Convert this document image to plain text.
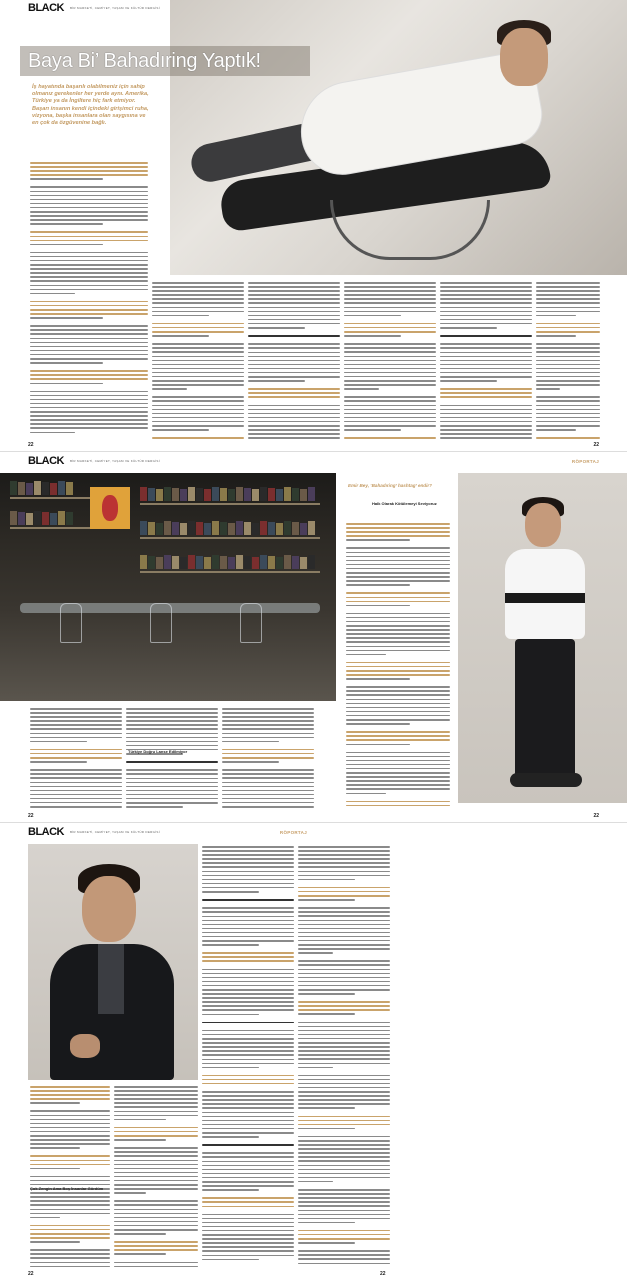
BLACK BİR MARKETİ, CEMİYET, YAŞAM VE KÜLTÜR DERGİSİ
Baya Bi’ Bahadıring Yaptık!
İş hayatında başarılı olabilmeniz için sahip olmanız gerekenler her yerde aynı. Amerika, Türkiye ya da İngiltere hiç fark etmiyor. Başarı insanın kendi içindeki girişimci ruha, vizyona, başka insanlara olan saygısına ve en çok da özgüvenine bağlı.
22	22
BLACK BİR MARKETİ, CEMİYET, YAŞAM VE KÜLTÜR DERGİSİ	RÖPORTAJ
Emir Bey, ‘Bahadıring’ hashtag’ endir?
Türkiye Doğru Lanse Edilmiyor
Halk Olarak Kötülemeyi Seviyoruz
22	22
BLACK BİR MARKETİ, CEMİYET, YAŞAM VE KÜLTÜR DERGİSİ	RÖPORTAJ
Çok Zengin Ama Boş İnsanlar Gördüm
22	22
